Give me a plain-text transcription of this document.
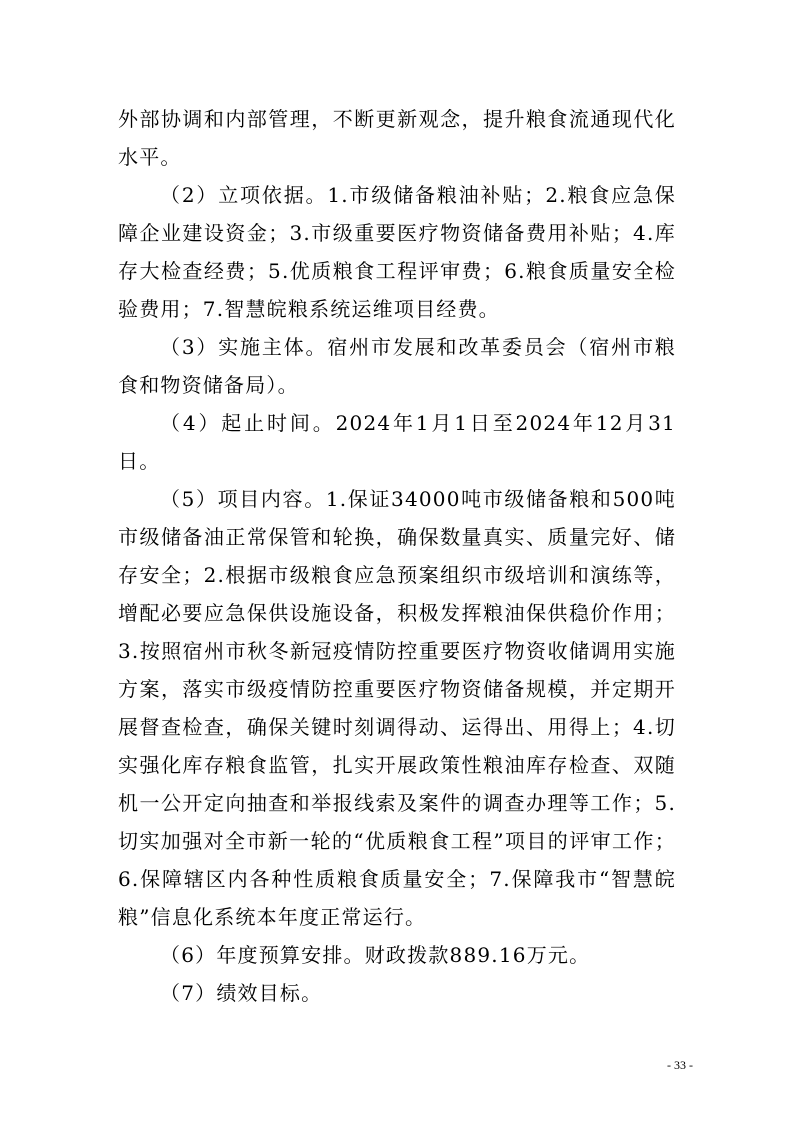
外部协调和内部管理，不断更新观念，提升粮食流通现代化水平。

（2）立项依据。1.市级储备粮油补贴；2.粮食应急保障企业建设资金；3.市级重要医疗物资储备费用补贴；4.库存大检查经费；5.优质粮食工程评审费；6.粮食质量安全检验费用；7.智慧皖粮系统运维项目经费。

（3）实施主体。宿州市发展和改革委员会（宿州市粮食和物资储备局）。

（4）起止时间。2024年1月1日至2024年12月31日。

（5）项目内容。1.保证34000吨市级储备粮和500吨市级储备油正常保管和轮换，确保数量真实、质量完好、储存安全；2.根据市级粮食应急预案组织市级培训和演练等，增配必要应急保供设施设备，积极发挥粮油保供稳价作用；3.按照宿州市秋冬新冠疫情防控重要医疗物资收储调用实施方案，落实市级疫情防控重要医疗物资储备规模，并定期开展督查检查，确保关键时刻调得动、运得出、用得上；4.切实强化库存粮食监管，扎实开展政策性粮油库存检查、双随机一公开定向抽查和举报线索及案件的调查办理等工作；5.切实加强对全市新一轮的“优质粮食工程”项目的评审工作；6.保障辖区内各种性质粮食质量安全；7.保障我市“智慧皖粮”信息化系统本年度正常运行。

（6）年度预算安排。财政拨款889.16万元。

（7）绩效目标。

- 33 -
